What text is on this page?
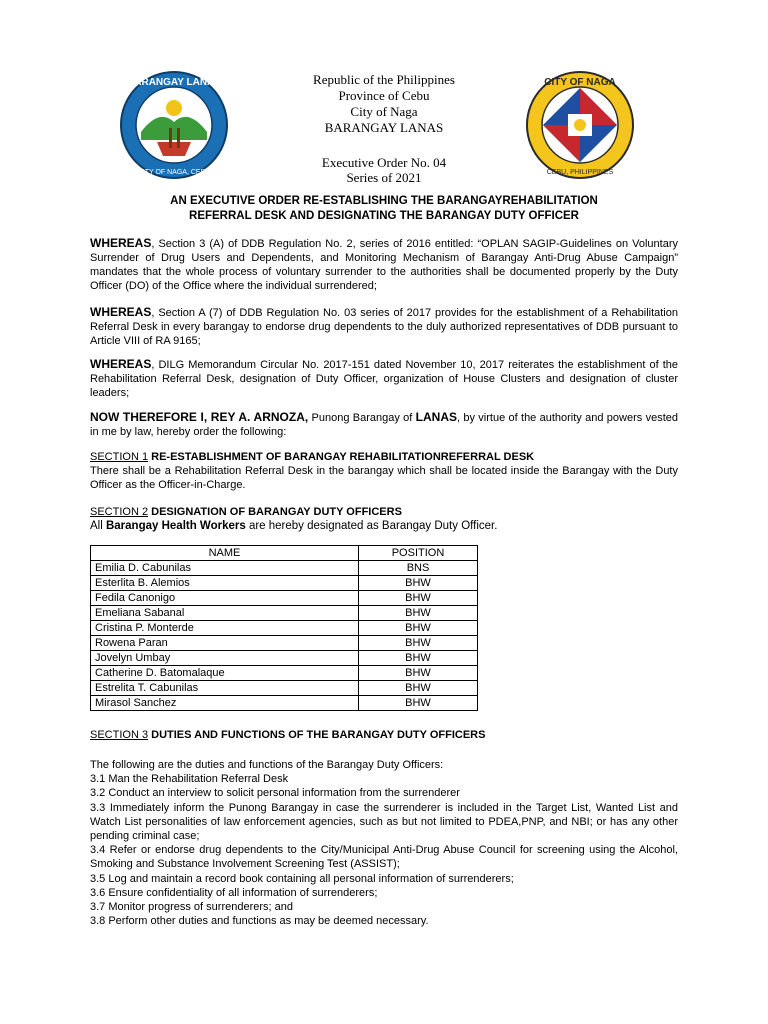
BARANGAY LANAS
CITY OF NAGA, CEBU
CITY OF NAGA
CEBU, PHILIPPINES
Republic of the Philippines
Province of Cebu
City of Naga
BARANGAY LANAS
Executive Order No. 04
Series of 2021
AN EXECUTIVE ORDER RE-ESTABLISHING THE BARANGAYREHABILITATION
REFERRAL DESK AND DESIGNATING THE BARANGAY DUTY OFFICER
WHEREAS, Section 3 (A) of DDB Regulation No. 2, series of 2016 entitled: “OPLAN SAGIP-Guidelines on Voluntary Surrender of Drug Users and Dependents, and Monitoring Mechanism of Barangay Anti-Drug Abuse Campaign” mandates that the whole process of voluntary surrender to the authorities shall be documented properly by the Duty Officer (DO) of the Office where the individual surrendered;
WHEREAS, Section A (7) of DDB Regulation No. 03 series of 2017 provides for the establishment of a Rehabilitation Referral Desk in every barangay to endorse drug dependents to the duly authorized representatives of DDB pursuant to Article VIII of RA 9165;
WHEREAS, DILG Memorandum Circular No. 2017-151 dated November 10, 2017 reiterates the establishment of the Rehabilitation Referral Desk, designation of Duty Officer, organization of House Clusters and designation of cluster leaders;
NOW THEREFORE I, REY A. ARNOZA, Punong Barangay of LANAS, by virtue of the authority and powers vested in me by law, hereby order the following:
SECTION 1 RE-ESTABLISHMENT OF BARANGAY REHABILITATIONREFERRAL DESK
There shall be a Rehabilitation Referral Desk in the barangay which shall be located inside the Barangay with the Duty Officer as the Officer-in-Charge.
SECTION 2 DESIGNATION OF BARANGAY DUTY OFFICERS
All Barangay Health Workers are hereby designated as Barangay Duty Officer.
NAME	POSITION
Emilia D. Cabunilas	BNS
Esterlita B. Alemios	BHW
Fedila Canonigo	BHW
Emeliana Sabanal	BHW
Cristina P. Monterde	BHW
Rowena Paran	BHW
Jovelyn Umbay	BHW
Catherine D. Batomalaque	BHW
Estrelita T. Cabunilas	BHW
Mirasol Sanchez	BHW
SECTION 3 DUTIES AND FUNCTIONS OF THE BARANGAY DUTY OFFICERS
The following are the duties and functions of the Barangay Duty Officers:
3.1 Man the Rehabilitation Referral Desk
3.2 Conduct an interview to solicit personal information from the surrenderer
3.3 Immediately inform the Punong Barangay in case the surrenderer is included in the Target List, Wanted List and Watch List personalities of law enforcement agencies, such as but not limited to PDEA,PNP, and NBI; or has any other pending criminal case;
3.4 Refer or endorse drug dependents to the City/Municipal Anti-Drug Abuse Council for screening using the Alcohol, Smoking and Substance Involvement Screening Test (ASSIST);
3.5 Log and maintain a record book containing all personal information of surrenderers;
3.6 Ensure confidentiality of all information of surrenderers;
3.7 Monitor progress of surrenderers; and
3.8 Perform other duties and functions as may be deemed necessary.
